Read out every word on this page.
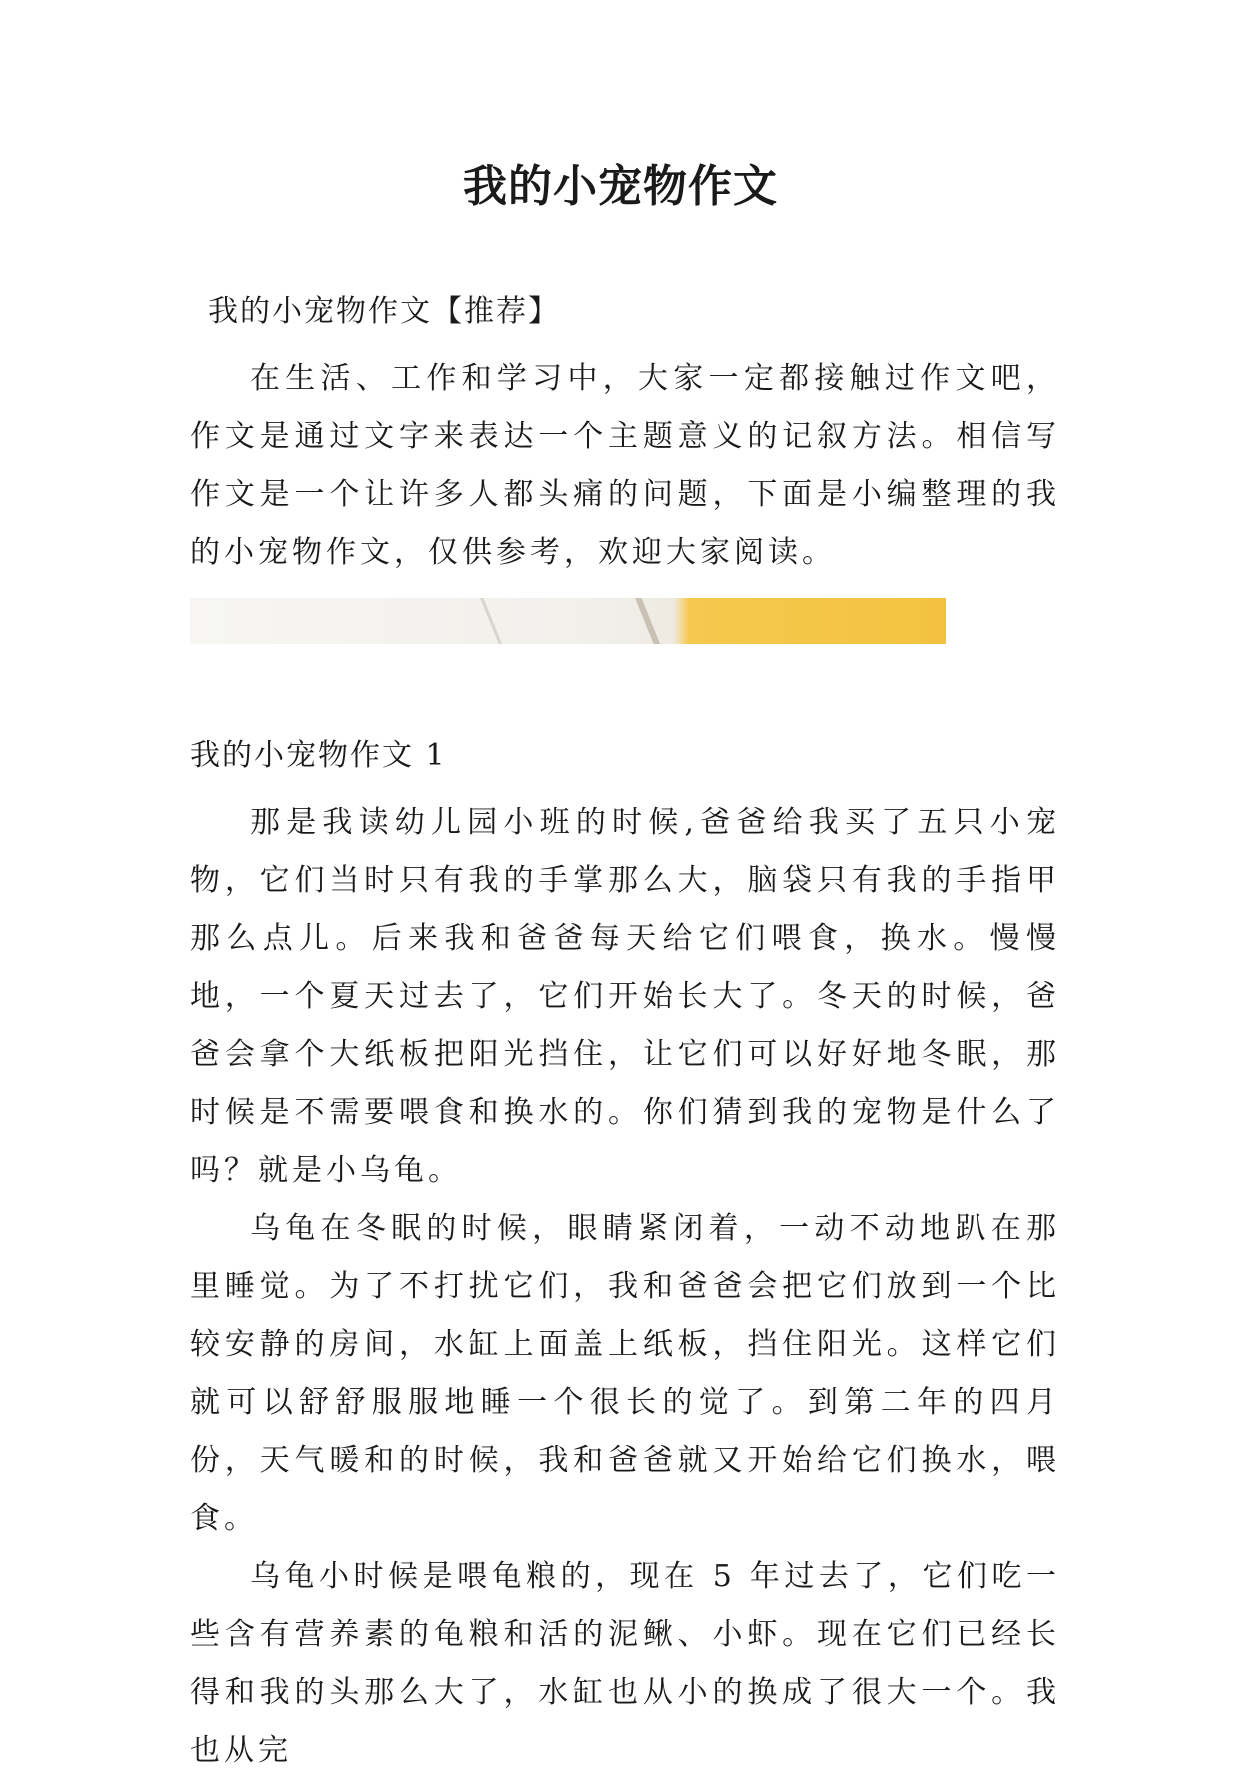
我的小宠物作文

我的小宠物作文【推荐】

在生活、工作和学习中，大家一定都接触过作文吧，作文是通过文字来表达一个主题意义的记叙方法。相信写作文是一个让许多人都头痛的问题，下面是小编整理的我的小宠物作文，仅供参考，欢迎大家阅读。

我的小宠物作文 1

那是我读幼儿园小班的时候,爸爸给我买了五只小宠物，它们当时只有我的手掌那么大，脑袋只有我的手指甲那么点儿。后来我和爸爸每天给它们喂食，换水。慢慢地，一个夏天过去了，它们开始长大了。冬天的时候，爸爸会拿个大纸板把阳光挡住，让它们可以好好地冬眠，那时候是不需要喂食和换水的。你们猜到我的宠物是什么了吗？就是小乌龟。

乌龟在冬眠的时候，眼睛紧闭着，一动不动地趴在那里睡觉。为了不打扰它们，我和爸爸会把它们放到一个比较安静的房间，水缸上面盖上纸板，挡住阳光。这样它们就可以舒舒服服地睡一个很长的觉了。到第二年的四月份，天气暖和的时候，我和爸爸就又开始给它们换水，喂食。

乌龟小时候是喂龟粮的，现在 5 年过去了，它们吃一些含有营养素的龟粮和活的泥鳅、小虾。现在它们已经长得和我的头那么大了，水缸也从小的换成了很大一个。我也从完
